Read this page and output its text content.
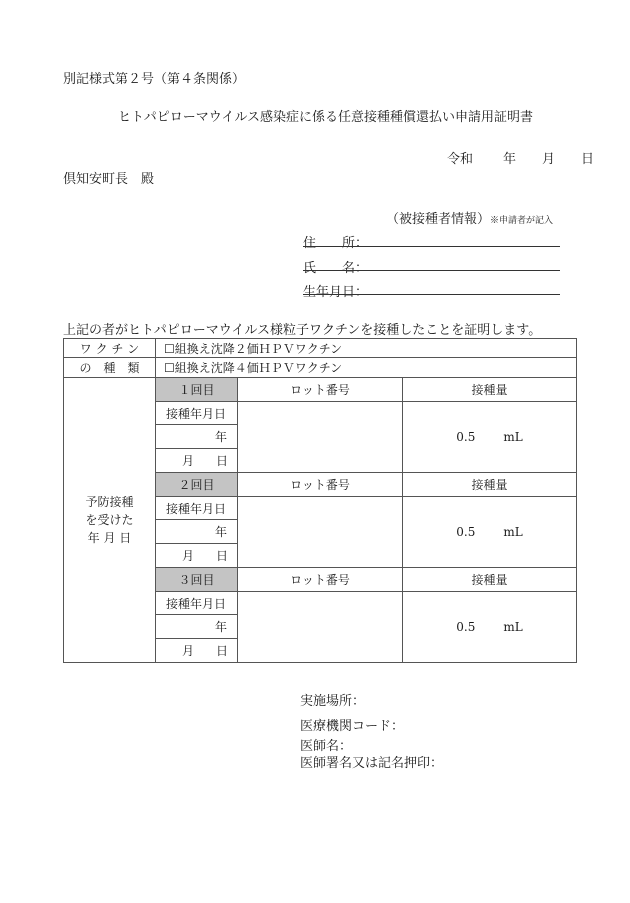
別記様式第２号（第４条関係）
ヒトパピローマウイルス感染症に係る任意接種種償還払い申請用証明書
令和 年 月 日
倶知安町長　殿
（被接種者情報）※申請者が記入
住　　所：
氏　　名：
生年月日：
上記の者がヒトパピローマウイルス様粒子ワクチンを接種したことを証明します。
ワ ク チ ン	☐組換え沈降２価ＨＰＶワクチン		
の　種　類	☐組換え沈降４価ＨＰＶワクチン		

予防接種
を受けた
年 月 日	１回目	ロット番号	接種量
	接種年月日		0.5 mL
	年		
	月 日		
	２回目	ロット番号	接種量
	接種年月日		0.5 mL
	年		
	月 日		
	３回目	ロット番号	接種量
	接種年月日		0.5 mL
	年		
	月 日		
実施場所：
医療機関コード：
医師名：
医師署名又は記名押印：
